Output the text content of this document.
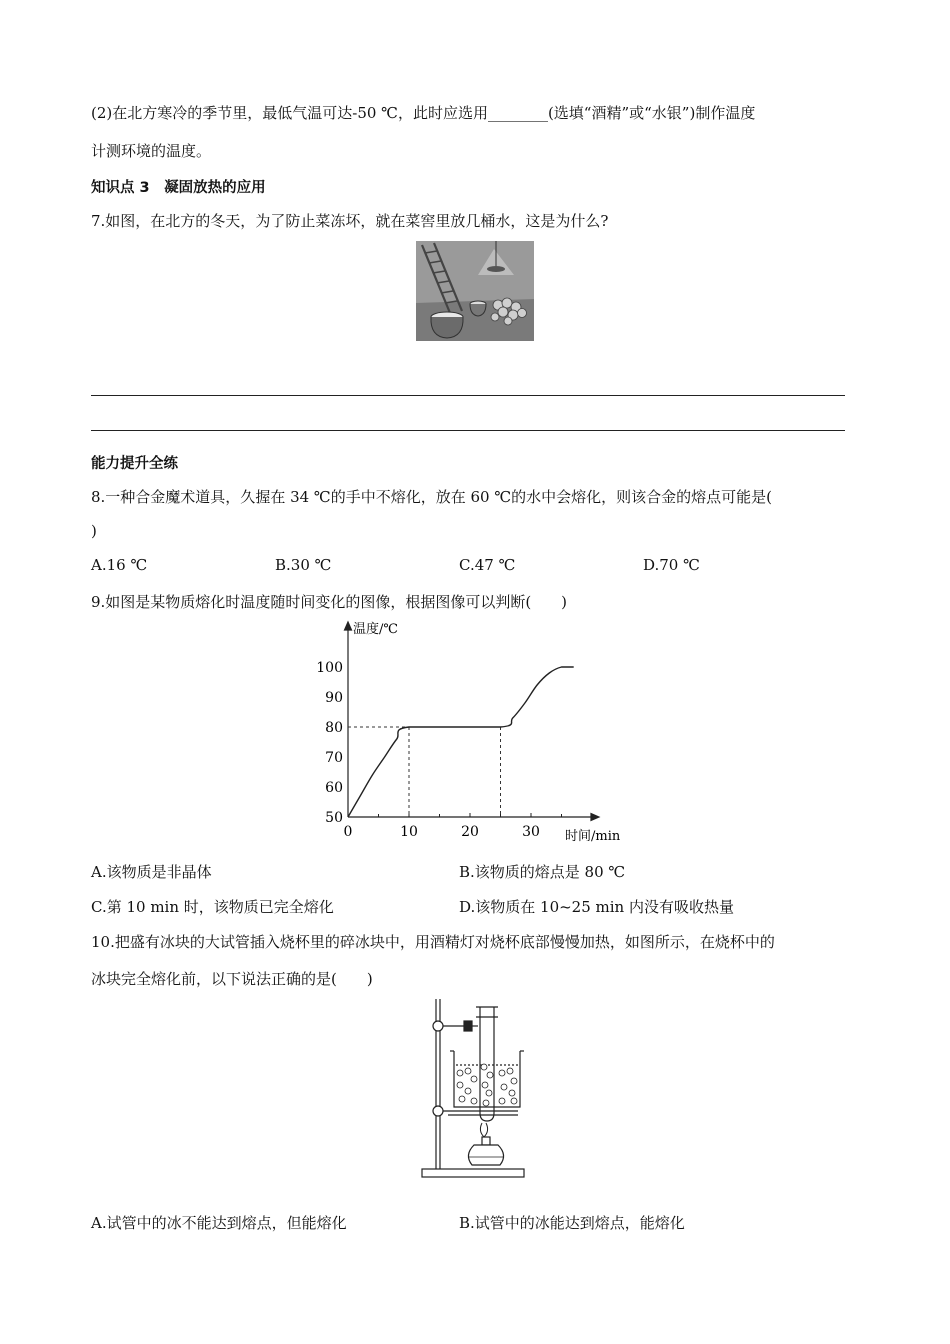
(2)在北方寒冷的季节里，最低气温可达-50 ℃，此时应选用________(选填“酒精”或“水银”)制作温度
计测环境的温度。
知识点 3　凝固放热的应用
7.如图，在北方的冬天，为了防止菜冻坏，就在菜窖里放几桶水，这是为什么?
能力提升全练
8.一种合金魔术道具，久握在 34 ℃的手中不熔化，放在 60 ℃的水中会熔化，则该合金的熔点可能是(
)
A.16 ℃	B.30 ℃	C.47 ℃	D.70 ℃
9.如图是某物质熔化时温度随时间变化的图像，根据图像可以判断(　　)
温度/℃
时间/min
100
90
80
70
60
50
0	10	20	30
A.该物质是非晶体	B.该物质的熔点是 80 ℃
C.第 10 min 时，该物质已完全熔化	D.该物质在 10~25 min 内没有吸收热量
10.把盛有冰块的大试管插入烧杯里的碎冰块中，用酒精灯对烧杯底部慢慢加热，如图所示，在烧杯中的
冰块完全熔化前，以下说法正确的是(　　)
A.试管中的冰不能达到熔点，但能熔化	B.试管中的冰能达到熔点，能熔化
